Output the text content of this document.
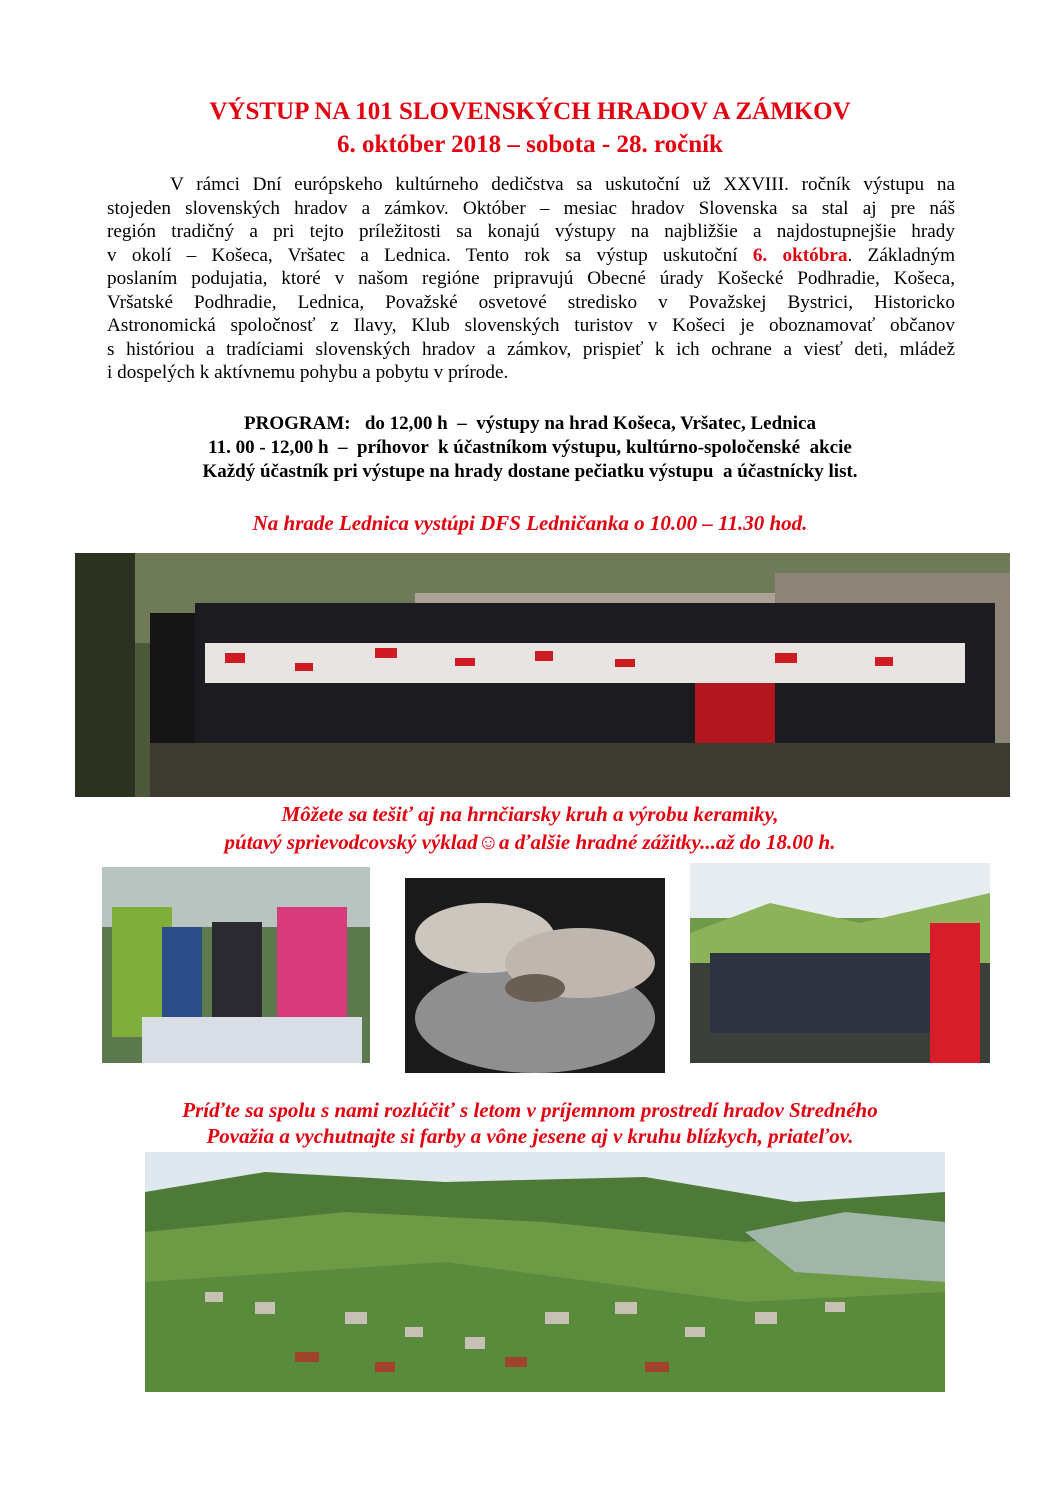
VÝSTUP NA 101 SLOVENSKÝCH HRADOV A ZÁMKOV
6. október 2018 – sobota - 28. ročník
V rámci Dní európskeho kultúrneho dedičstva sa uskutoční už XXVIII. ročník výstupu na
stojeden slovenských hradov a zámkov. Október – mesiac hradov Slovenska sa stal aj pre náš
región tradičný a pri tejto príležitosti sa konajú výstupy na najbližšie a najdostupnejšie hrady
v okolí – Košeca, Vršatec a Lednica. Tento rok sa výstup uskutoční 6. októbra. Základným
poslaním podujatia, ktoré v našom regióne pripravujú Obecné úrady Košecké Podhradie, Košeca,
Vršatské Podhradie, Lednica, Považské osvetové stredisko v Považskej Bystrici, Historicko
Astronomická spoločnosť z Ilavy, Klub slovenských turistov v Košeci je oboznamovať občanov
s históriou a tradíciami slovenských hradov a zámkov, prispieť k ich ochrane a viesť deti, mládež
i dospelých k aktívnemu pohybu a pobytu v prírode.
PROGRAM:   do 12,00 h  –  výstupy na hrad Košeca, Vršatec, Lednica
11. 00 - 12,00 h  –  príhovor  k účastníkom výstupu, kultúrno-spoločenské  akcie
Každý účastník pri výstupe na hrady dostane pečiatku výstupu  a účastnícky list.
Na hrade Lednica vystúpi DFS Ledničanka o 10.00 – 11.30 hod.
Môžete sa tešiť aj na hrnčiarsky kruh a výrobu keramiky,
pútavý sprievodcovský výklad☺a ďalšie hradné zážitky...až do 18.00 h.
Príďte sa spolu s nami rozlúčiť s letom v príjemnom prostredí hradov Stredného
Považia a vychutnajte si farby a vône jesene aj v kruhu blízkych, priateľov.
